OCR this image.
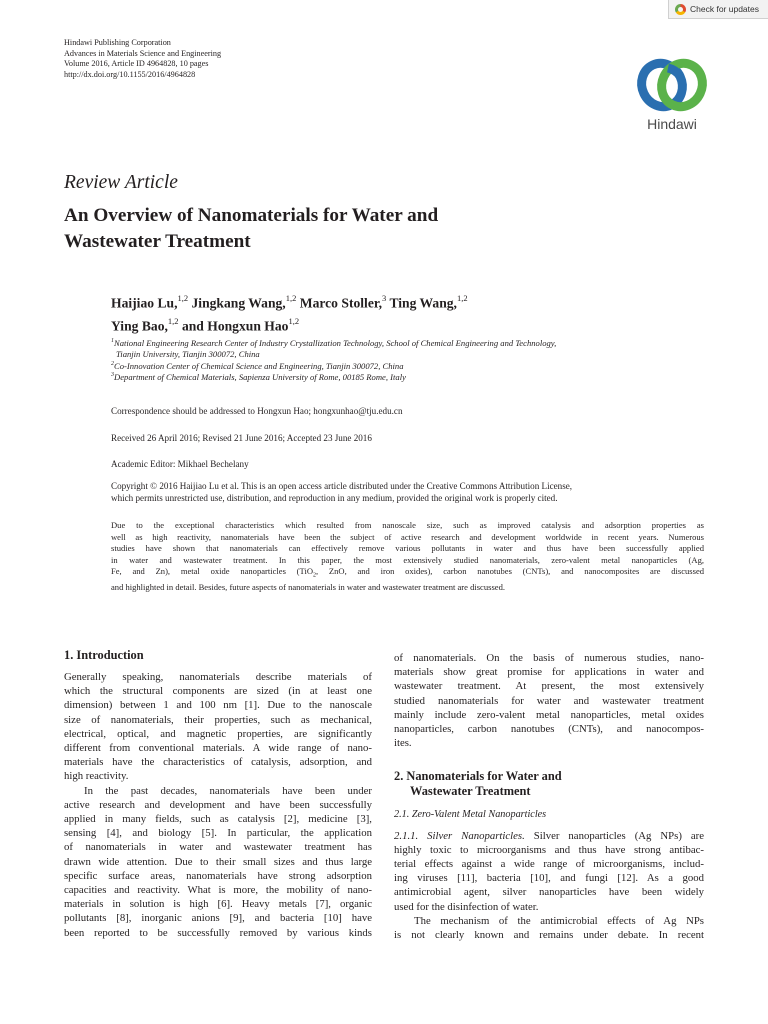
Check for updates
Hindawi Publishing Corporation
Advances in Materials Science and Engineering
Volume 2016, Article ID 4964828, 10 pages
http://dx.doi.org/10.1155/2016/4964828
Hindawi
Review Article
An Overview of Nanomaterials for Water and
Wastewater Treatment
Haijiao Lu,$^{1,2}$ Jingkang Wang,$^{1,2}$ Marco Stoller,$^3$ Ting Wang,$^{1,2}$
Ying Bao,$^{1,2}$ and Hongxun Hao$^{1,2}$
$^1$National Engineering Research Center of Industry Crystallization Technology, School of Chemical Engineering and Technology,
Tianjin University, Tianjin 300072, China
$^2$Co-Innovation Center of Chemical Science and Engineering, Tianjin 300072, China
$^3$Department of Chemical Materials, Sapienza University of Rome, 00185 Rome, Italy
Correspondence should be addressed to Hongxun Hao; hongxunhao@tju.edu.cn
Received 26 April 2016; Revised 21 June 2016; Accepted 23 June 2016
Academic Editor: Mikhael Bechelany
Copyright © 2016 Haijiao Lu et al. This is an open access article distributed under the Creative Commons Attribution License,
which permits unrestricted use, distribution, and reproduction in any medium, provided the original work is properly cited.
Due to the exceptional characteristics which resulted from nanoscale size, such as improved catalysis and adsorption properties as
well as high reactivity, nanomaterials have been the subject of active research and development worldwide in recent years. Numerous
studies have shown that nanomaterials can effectively remove various pollutants in water and thus have been successfully applied
in water and wastewater treatment. In this paper, the most extensively studied nanomaterials, zero-valent metal nanoparticles (Ag,
Fe, and Zn), metal oxide nanoparticles (TiO$_2$, ZnO, and iron oxides), carbon nanotubes (CNTs), and nanocomposites are discussed
and highlighted in detail. Besides, future aspects of nanomaterials in water and wastewater treatment are discussed.
1. Introduction
Generally speaking, nanomaterials describe materials of
which the structural components are sized (in at least one
dimension) between 1 and 100 nm [1]. Due to the nanoscale
size of nanomaterials, their properties, such as mechanical,
electrical, optical, and magnetic properties, are significantly
different from conventional materials. A wide range of nano-
materials have the characteristics of catalysis, adsorption, and
high reactivity.
In the past decades, nanomaterials have been under
active research and development and have been successfully
applied in many fields, such as catalysis [2], medicine [3],
sensing [4], and biology [5]. In particular, the application
of nanomaterials in water and wastewater treatment has
drawn wide attention. Due to their small sizes and thus large
specific surface areas, nanomaterials have strong adsorption
capacities and reactivity. What is more, the mobility of nano-
materials in solution is high [6]. Heavy metals [7], organic
pollutants [8], inorganic anions [9], and bacteria [10] have
been reported to be successfully removed by various kinds
of nanomaterials. On the basis of numerous studies, nano-
materials show great promise for applications in water and
wastewater treatment. At present, the most extensively
studied nanomaterials for water and wastewater treatment
mainly include zero-valent metal nanoparticles, metal oxides
nanoparticles, carbon nanotubes (CNTs), and nanocompos-
ites.
2. Nanomaterials for Water and
Wastewater Treatment
2.1. Zero-Valent Metal Nanoparticles
2.1.1. Silver Nanoparticles. Silver nanoparticles (Ag NPs) are
highly toxic to microorganisms and thus have strong antibac-
terial effects against a wide range of microorganisms, includ-
ing viruses [11], bacteria [10], and fungi [12]. As a good
antimicrobial agent, silver nanoparticles have been widely
used for the disinfection of water.
The mechanism of the antimicrobial effects of Ag NPs
is not clearly known and remains under debate. In recent
